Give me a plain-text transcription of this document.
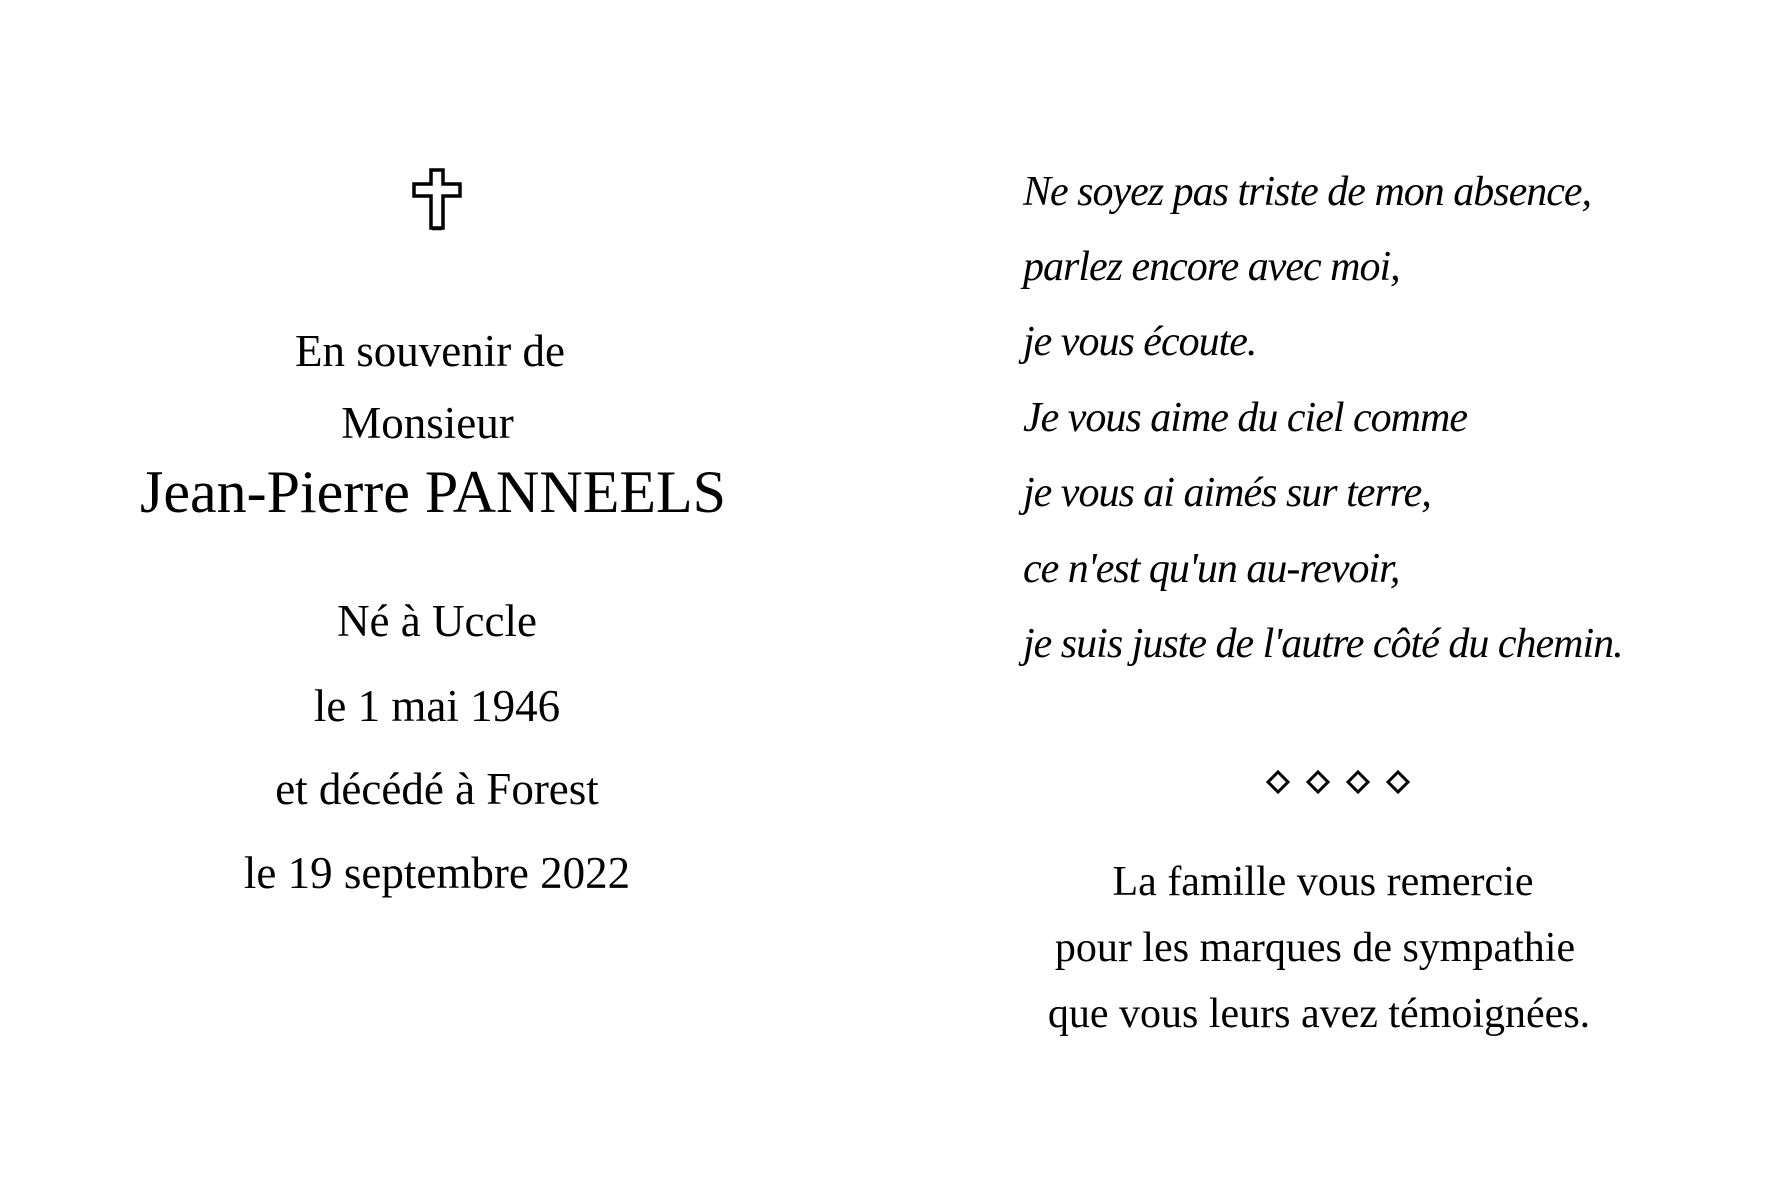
En souvenir de
Monsieur
Jean-Pierre PANNEELS
Né à Uccle
le 1 mai 1946
et décédé à Forest
le 19 septembre 2022
Ne soyez pas triste de mon absence,
parlez encore avec moi,
je vous écoute.
Je vous aime du ciel comme
je vous ai aimés sur terre,
ce n'est qu'un au-revoir,
je suis juste de l'autre côté du chemin.
La famille vous remercie
pour les marques de sympathie
que vous leurs avez témoignées.
